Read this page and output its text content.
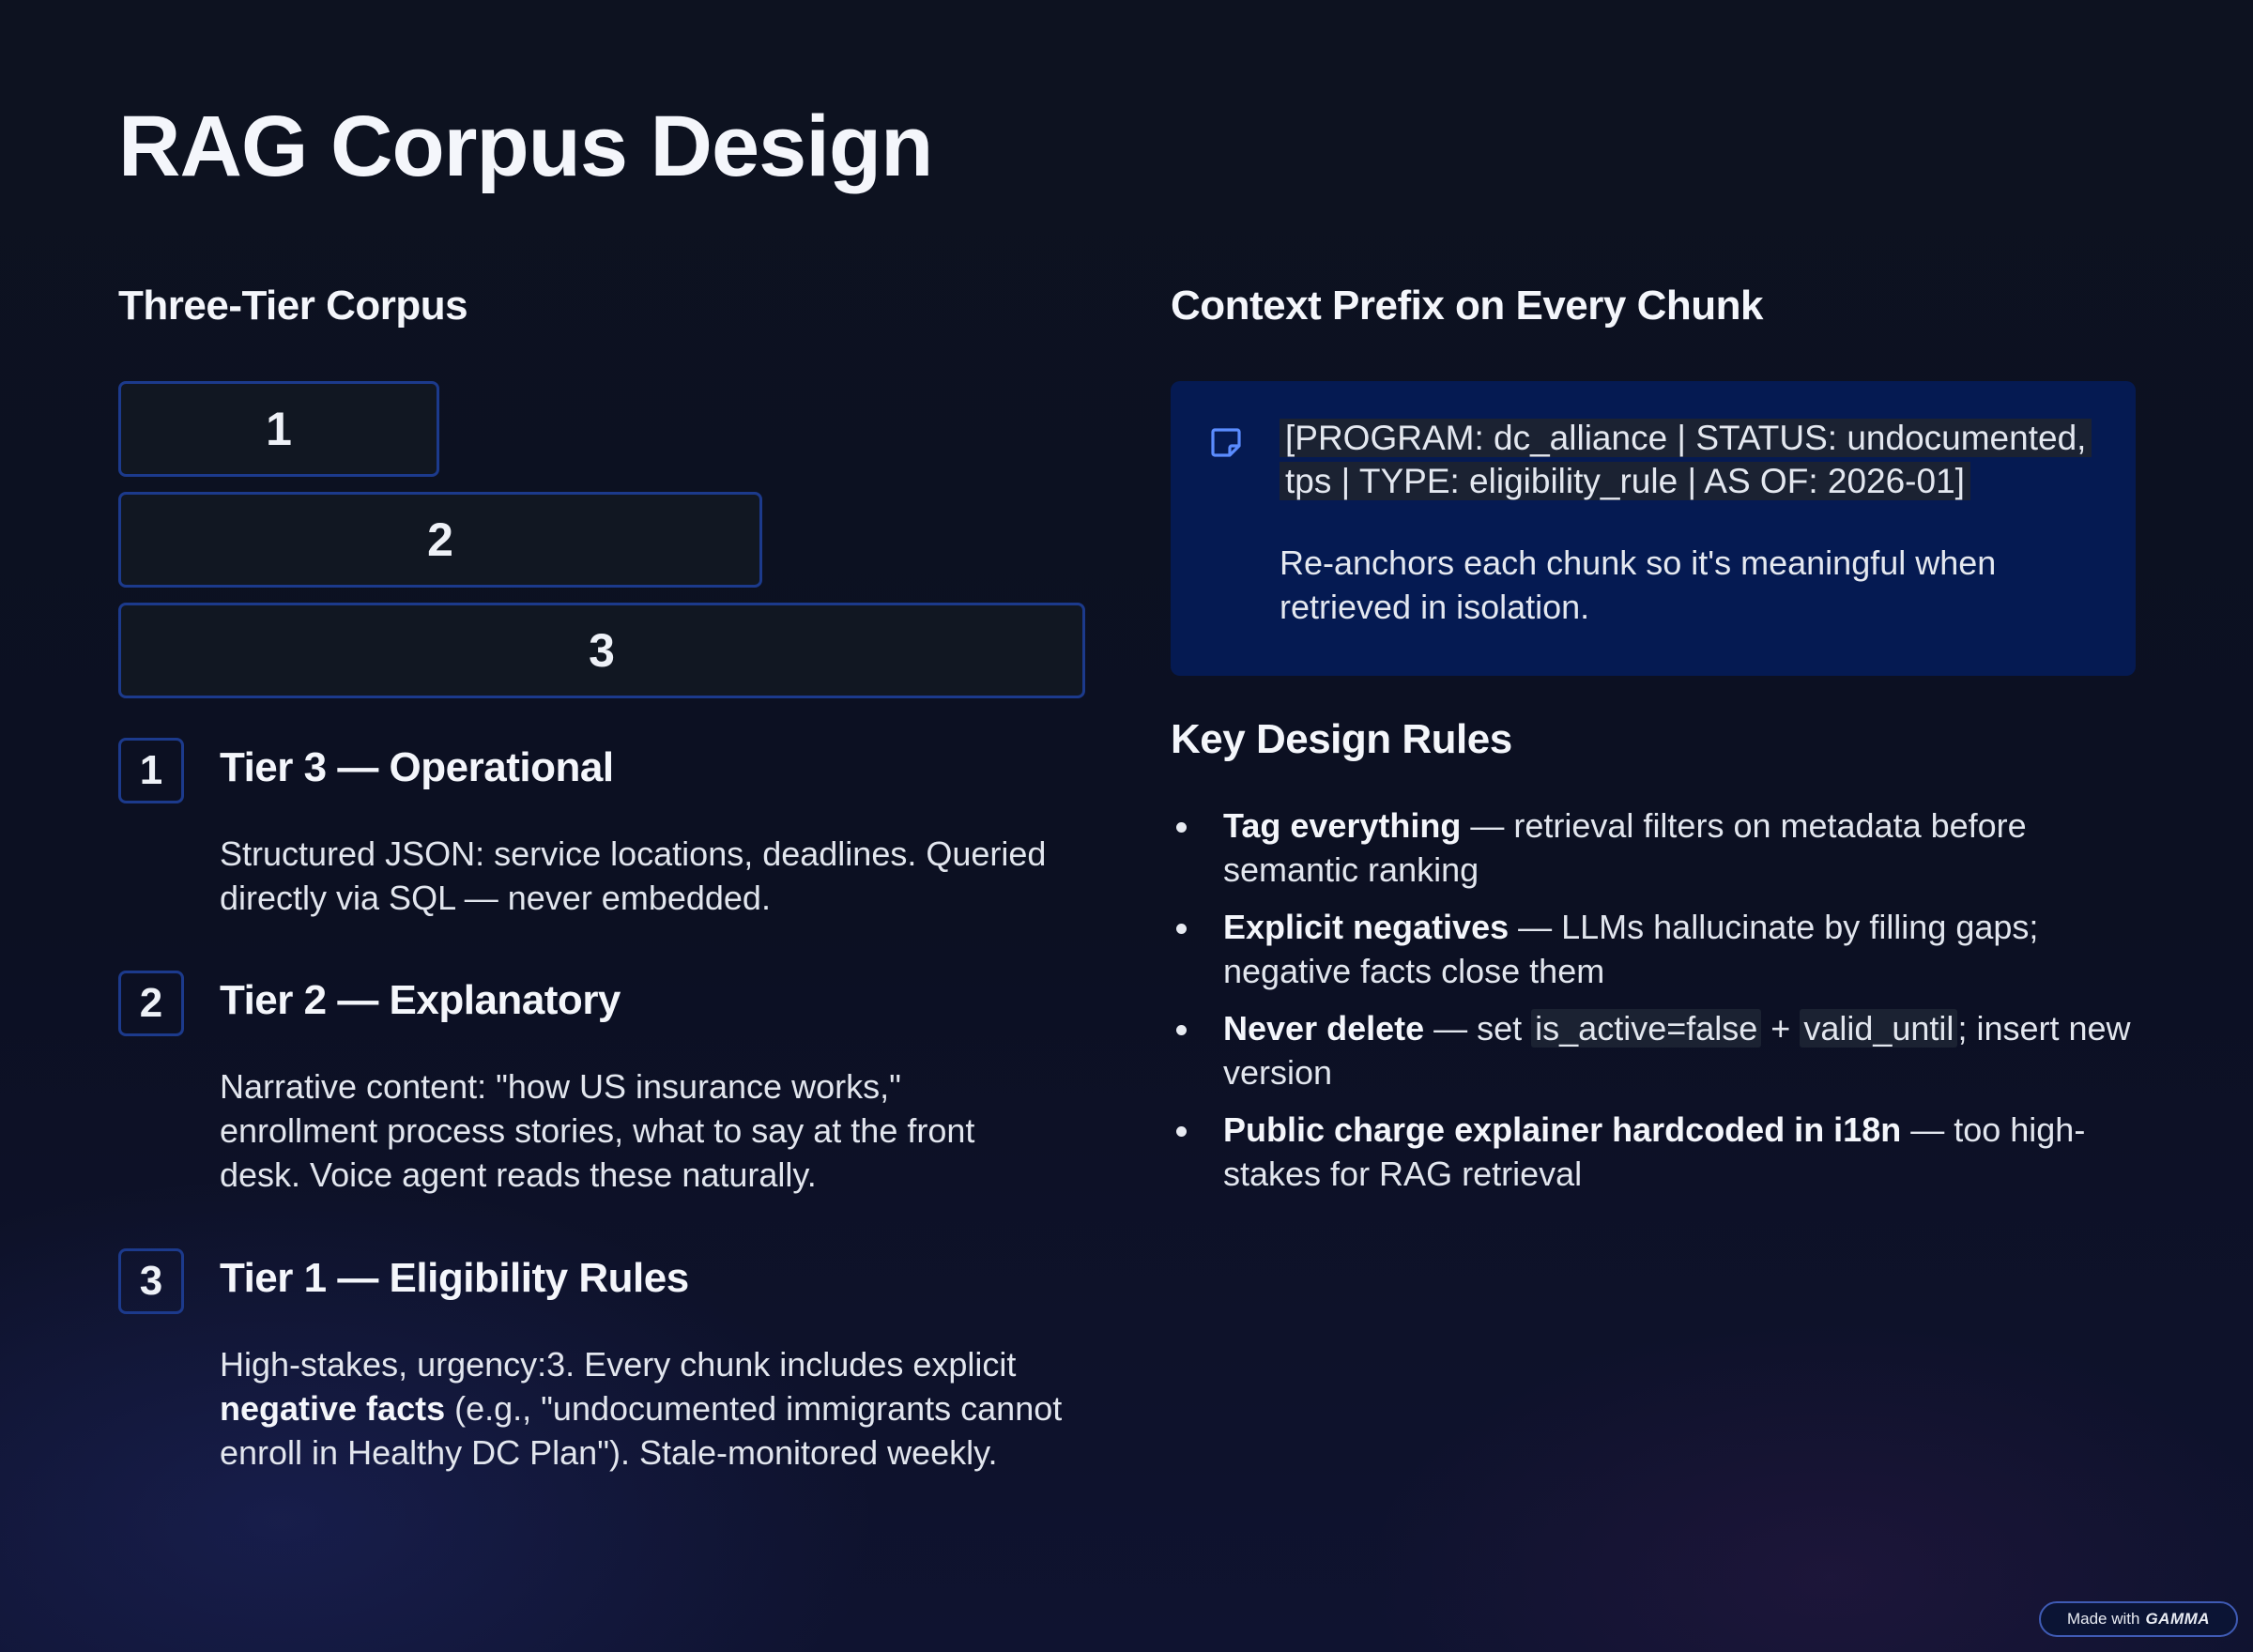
RAG Corpus Design
Three-Tier Corpus
1
2
3
1	Tier 3 — Operational

Structured JSON: service locations, deadlines. Queried directly via SQL — never embedded.

2	Tier 2 — Explanatory

Narrative content: "how US insurance works," enrollment process stories, what to say at the front desk. Voice agent reads these naturally.

3	Tier 1 — Eligibility Rules

High-stakes, urgency:3. Every chunk includes explicit negative facts (e.g., "undocumented immigrants cannot enroll in Healthy DC Plan"). Stale-monitored weekly.

Context Prefix on Every Chunk

[PROGRAM: dc_alliance | STATUS: undocumented, tps | TYPE: eligibility_rule | AS OF: 2026-01]

Re-anchors each chunk so it's meaningful when retrieved in isolation.

Key Design Rules
Tag everything — retrieval filters on metadata before semantic ranking
Explicit negatives — LLMs hallucinate by filling gaps; negative facts close them
Never delete — set is_active=false + valid_until ; insert new version
Public charge explainer hardcoded in i18n — too high-stakes for RAG retrieval
Made with GAMMA
